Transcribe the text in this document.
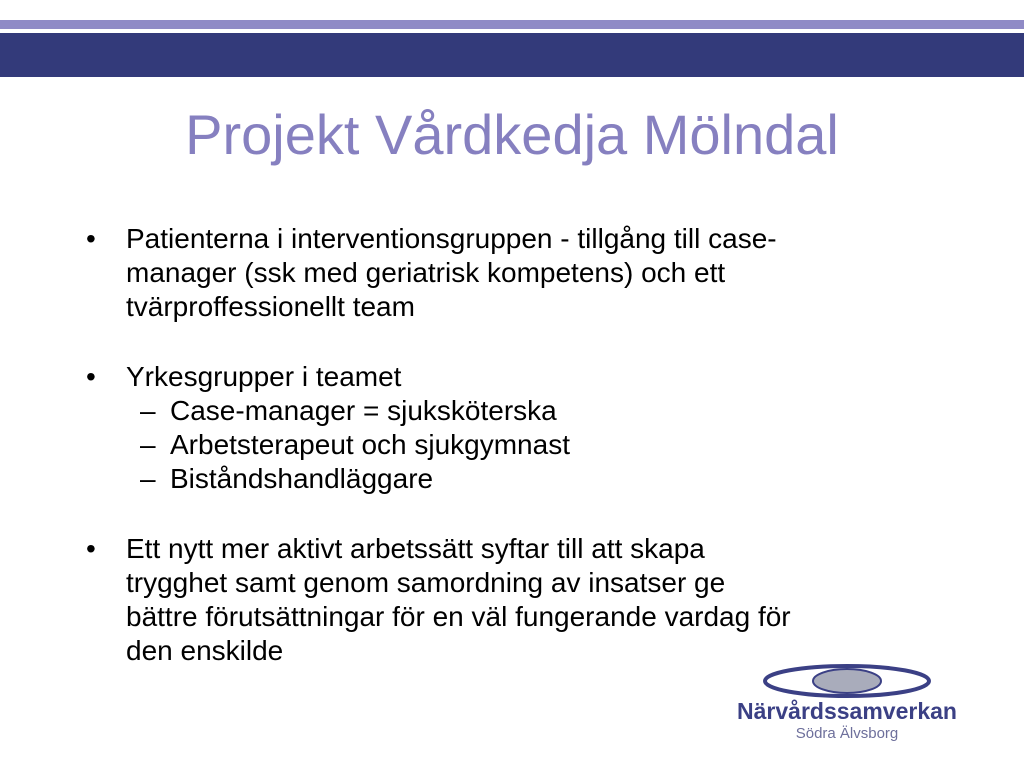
Projekt Vårdkedja Mölndal
•	Patienterna i interventionsgruppen - tillgång till case-
manager (ssk med geriatrisk kompetens) och ett
tvärproffessionellt team
•	Yrkesgrupper i teamet
– Case-manager = sjuksköterska
– Arbetsterapeut och sjukgymnast
– Biståndshandläggare
•	Ett nytt mer aktivt arbetssätt syftar till att skapa
trygghet samt genom samordning av insatser ge
bättre förutsättningar för en väl fungerande vardag för
den enskilde
Närvårdssamverkan
Södra Älvsborg
